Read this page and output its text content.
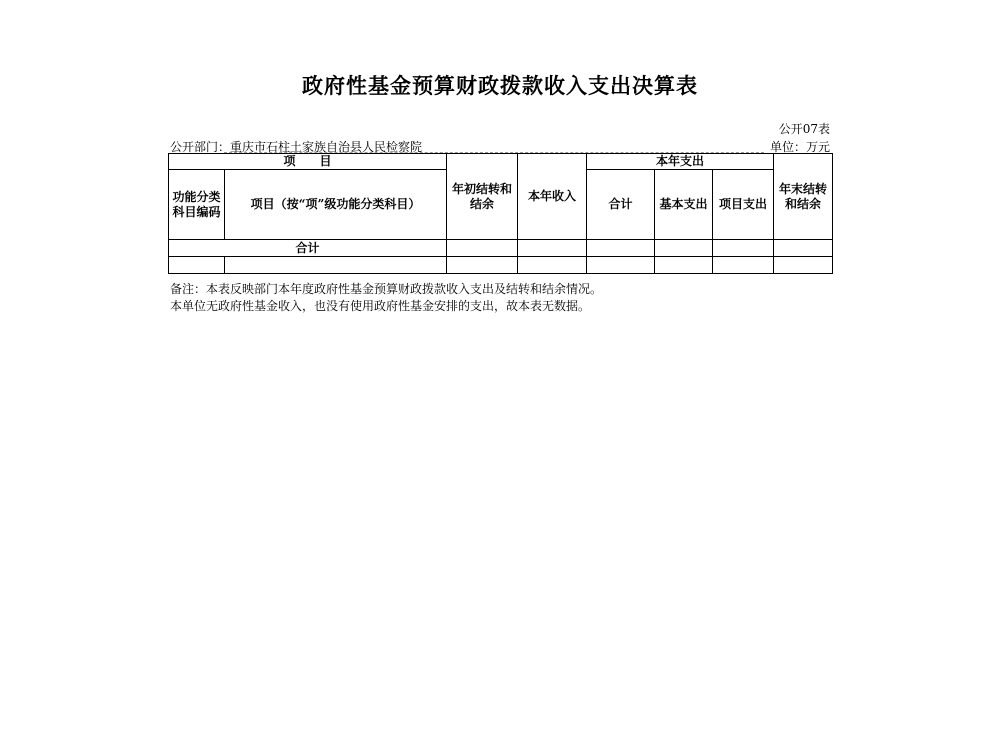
政府性基金预算财政拨款收入支出决算表
公开07表
公开部门：重庆市石柱土家族自治县人民检察院	单位：万元
项　　目		年初结转和结余	本年收入	本年支出			年末结转和结余
功能分类科目编码	项目（按“项”级功能分类科目）			合计	基本支出	项目支出	
合计							

备注：本表反映部门本年度政府性基金预算财政拨款收入支出及结转和结余情况。
本单位无政府性基金收入，也没有使用政府性基金安排的支出，故本表无数据。
